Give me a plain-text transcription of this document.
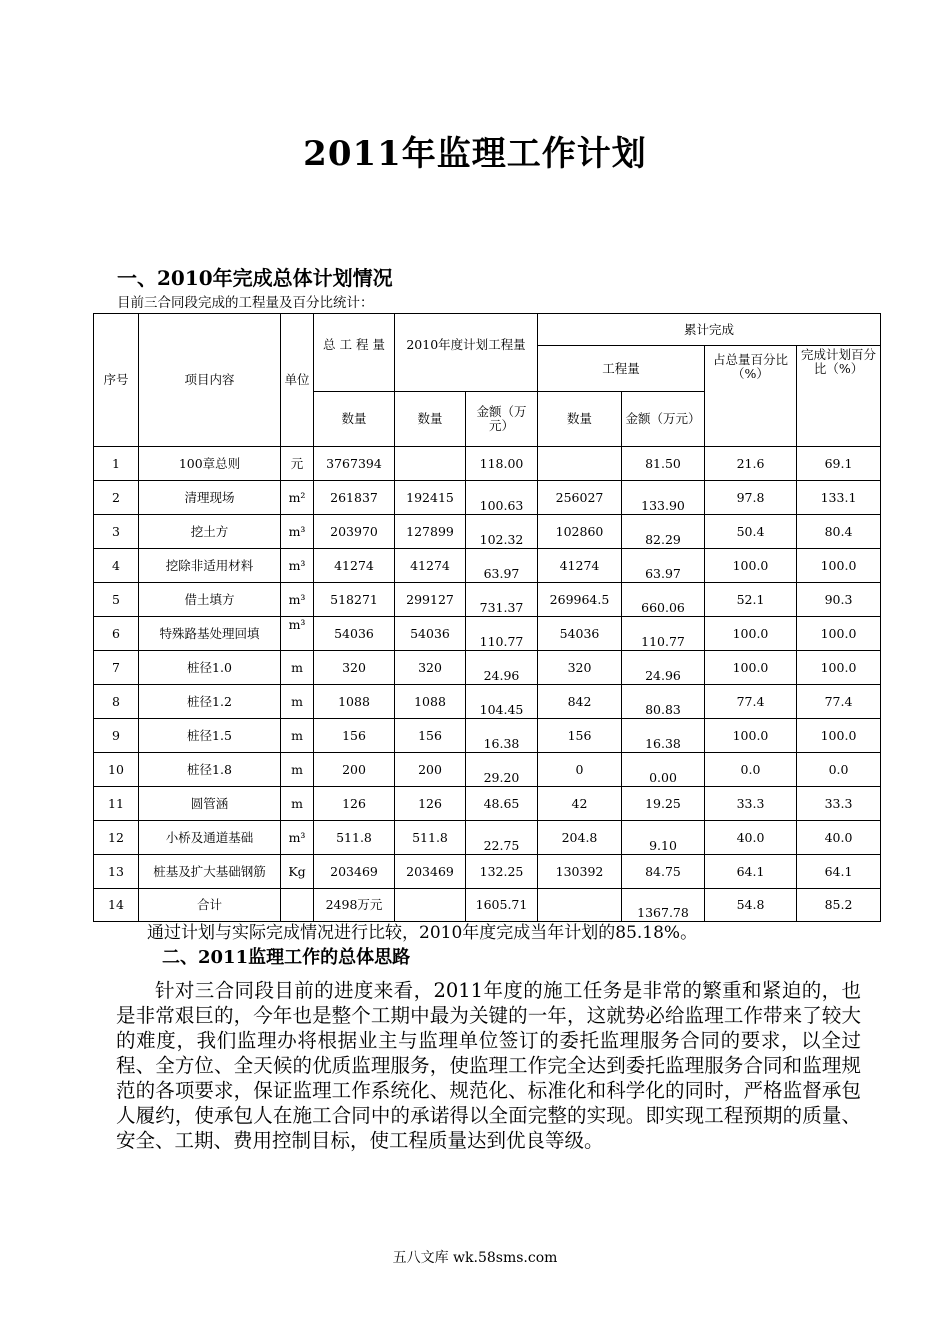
2011年监理工作计划
一、2010年完成总体计划情况
目前三合同段完成的工程量及百分比统计：
序号	项目内容	单位	总 工 程 量	2010年度计划工程量		累计完成			
						工程量		占总量百分比（%）	完成计划百分比（%）
			数量	数量	金额（万元）	数量	金额（万元）		
1	100章总则	元	3767394		118.00		81.50	21.6	69.1
2	清理现场	m²	261837	192415	100.63	256027	133.90	97.8	133.1
3	挖土方	m³	203970	127899	102.32	102860	82.29	50.4	80.4
4	挖除非适用材料	m³	41274	41274	63.97	41274	63.97	100.0	100.0
5	借土填方	m³	518271	299127	731.37	269964.5	660.06	52.1	90.3
6	特殊路基处理回填	m³	54036	54036	110.77	54036	110.77	100.0	100.0
7	桩径1.0	m	320	320	24.96	320	24.96	100.0	100.0
8	桩径1.2	m	1088	1088	104.45	842	80.83	77.4	77.4
9	桩径1.5	m	156	156	16.38	156	16.38	100.0	100.0
10	桩径1.8	m	200	200	29.20	0	0.00	0.0	0.0
11	圆管涵	m	126	126	48.65	42	19.25	33.3	33.3
12	小桥及通道基础	m³	511.8	511.8	22.75	204.8	9.10	40.0	40.0
13	桩基及扩大基础钢筋	Kg	203469	203469	132.25	130392	84.75	64.1	64.1
14	合计		2498万元		1605.71		1367.78	54.8	85.2
通过计划与实际完成情况进行比较，2010年度完成当年计划的85.18%。
二、2011监理工作的总体思路
针对三合同段目前的进度来看，2011年度的施工任务是非常的繁重和紧迫的，也是非常艰巨的，今年也是整个工期中最为关键的一年，这就势必给监理工作带来了较大的难度，我们监理办将根据业主与监理单位签订的委托监理服务合同的要求，以全过程、全方位、全天候的优质监理服务，使监理工作完全达到委托监理服务合同和监理规范的各项要求，保证监理工作系统化、规范化、标准化和科学化的同时，严格监督承包人履约，使承包人在施工合同中的承诺得以全面完整的实现。即实现工程预期的质量、安全、工期、费用控制目标，使工程质量达到优良等级。
五八文库 wk.58sms.com
